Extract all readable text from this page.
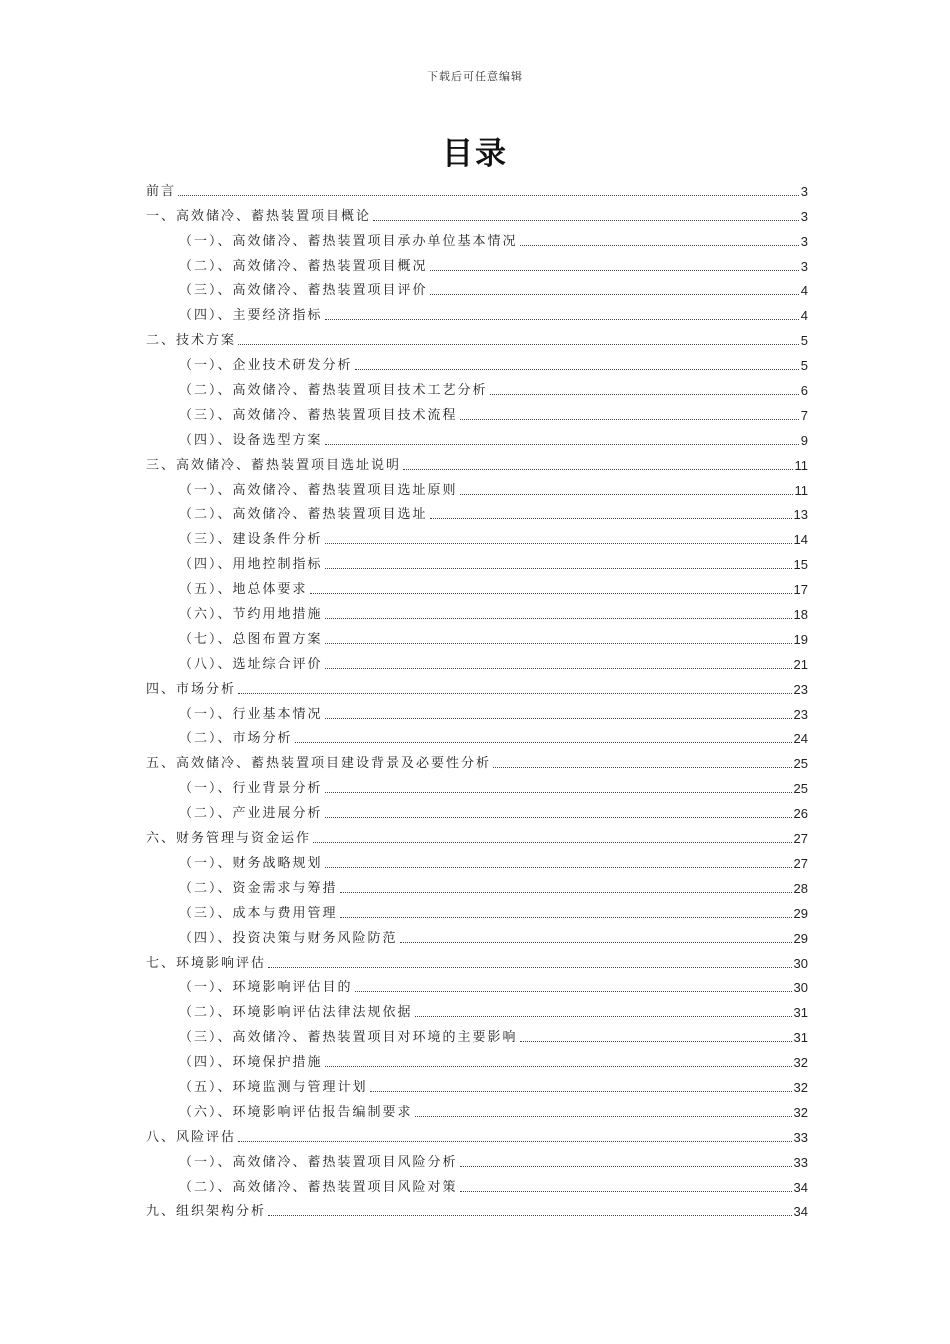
下载后可任意编辑
目录
前言	3
一、高效储冷、蓄热装置项目概论	3
（一）、高效储冷、蓄热装置项目承办单位基本情况	3
（二）、高效储冷、蓄热装置项目概况	3
（三）、高效储冷、蓄热装置项目评价	4
（四）、主要经济指标	4
二、技术方案	5
（一）、企业技术研发分析	5
（二）、高效储冷、蓄热装置项目技术工艺分析	6
（三）、高效储冷、蓄热装置项目技术流程	7
（四）、设备选型方案	9
三、高效储冷、蓄热装置项目选址说明	11
（一）、高效储冷、蓄热装置项目选址原则	11
（二）、高效储冷、蓄热装置项目选址	13
（三）、建设条件分析	14
（四）、用地控制指标	15
（五）、地总体要求	17
（六）、节约用地措施	18
（七）、总图布置方案	19
（八）、选址综合评价	21
四、市场分析	23
（一）、行业基本情况	23
（二）、市场分析	24
五、高效储冷、蓄热装置项目建设背景及必要性分析	25
（一）、行业背景分析	25
（二）、产业进展分析	26
六、财务管理与资金运作	27
（一）、财务战略规划	27
（二）、资金需求与筹措	28
（三）、成本与费用管理	29
（四）、投资决策与财务风险防范	29
七、环境影响评估	30
（一）、环境影响评估目的	30
（二）、环境影响评估法律法规依据	31
（三）、高效储冷、蓄热装置项目对环境的主要影响	31
（四）、环境保护措施	32
（五）、环境监测与管理计划	32
（六）、环境影响评估报告编制要求	32
八、风险评估	33
（一）、高效储冷、蓄热装置项目风险分析	33
（二）、高效储冷、蓄热装置项目风险对策	34
九、组织架构分析	34
